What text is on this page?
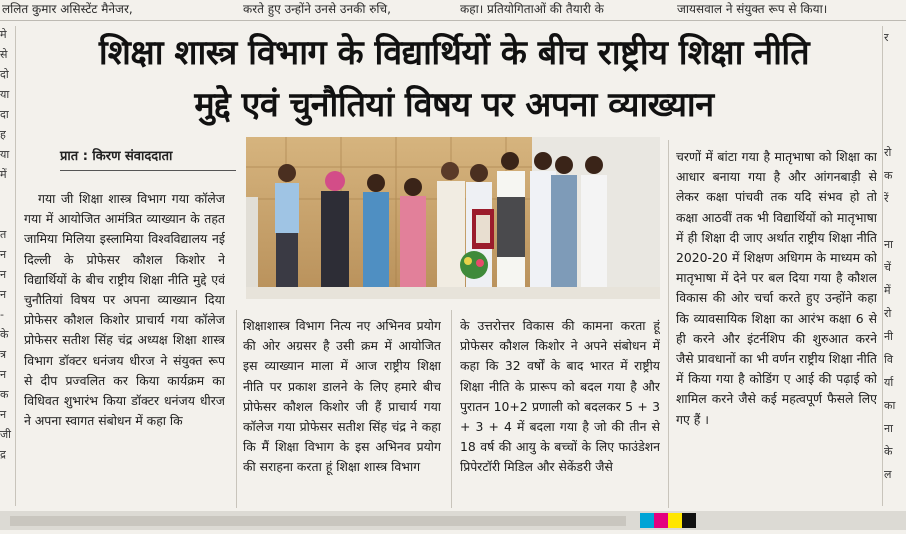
ललित कुमार असिस्टेंट मैनेजर,	करते हुए उन्होंने उनसे उनकी रुचि,	कहा। प्रतियोगिताओं की तैयारी के	जायसवाल ने संयुक्त रूप से किया।
मे
से
दो
या
दा
ह
या
में
त
न
न
न
-
के
त्र
न
क
न
जी
द्र
र
रो
क
रें
ना
चें
में
रो
नी
वि
र्या
का
ना
के
ल
शिक्षा शास्त्र विभाग के विद्यार्थियों के बीच राष्ट्रीय शिक्षा नीति
मुद्दे एवं चुनौतियां विषय पर अपना व्याख्यान
प्रात : किरण संवाददाता

गया जी शिक्षा शास्त्र विभाग गया कॉलेज गया में आयोजित आमंत्रित व्याख्यान के तहत जामिया मिलिया इस्लामिया विश्वविद्यालय नई दिल्ली के प्रोफेसर कौशल किशोर ने विद्यार्थियों के बीच राष्ट्रीय शिक्षा नीति मुद्दे एवं चुनौतियां विषय पर अपना व्याख्यान दिया प्रोफेसर कौशल किशोर प्राचार्य गया कॉलेज प्रोफेसर सतीश सिंह चंद्र अध्यक्ष शिक्षा शास्त्र विभाग डॉक्टर धनंजय धीरज ने संयुक्त रूप से दीप प्रज्वलित कर किया कार्यक्रम का विधिवत शुभारंभ किया डॉक्टर धनंजय धीरज ने अपना स्वागत संबोधन में कहा कि

शिक्षाशास्त्र विभाग नित्य नए अभिनव प्रयोग की ओर अग्रसर है उसी क्रम में आयोजित इस व्याख्यान माला में आज राष्ट्रीय शिक्षा नीति पर प्रकाश डालने के लिए हमारे बीच प्रोफेसर कौशल किशोर जी हैं प्राचार्य गया कॉलेज गया प्रोफेसर सतीश सिंह चंद्र ने कहा कि मैं शिक्षा विभाग के इस अभिनव प्रयोग की सराहना करता हूं शिक्षा शास्त्र विभाग

के उत्तरोत्तर विकास की कामना करता हूं प्रोफेसर कौशल किशोर ने अपने संबोधन में कहा कि 32 वर्षों के बाद भारत में राष्ट्रीय शिक्षा नीति के प्रारूप को बदल गया है और पुरातन 10+2 प्रणाली को बदलकर 5 + 3 + 3 + 4 में बदला गया है जो की तीन से 18 वर्ष की आयु के बच्चों के लिए फाउंडेशन प्रिपेरटॉरी मिडिल और सेकेंडरी जैसे

चरणों में बांटा गया है मातृभाषा को शिक्षा का आधार बनाया गया है और आंगनबाड़ी से लेकर कक्षा पांचवी तक यदि संभव हो तो कक्षा आठवीं तक भी विद्यार्थियों को मातृभाषा में ही शिक्षा दी जाए अर्थात राष्ट्रीय शिक्षा नीति 2020-20 में शिक्षण अधिगम के माध्यम को मातृभाषा में देने पर बल दिया गया है कौशल विकास की ओर चर्चा करते हुए उन्होंने कहा कि व्यावसायिक शिक्षा का आरंभ कक्षा 6 से ही करने और इंटर्नशिप की शुरुआत करने जैसे प्रावधानों का भी वर्णन राष्ट्रीय शिक्षा नीति में किया गया है कोडिंग ए आई की पढ़ाई को शामिल करने जैसे कई महत्वपूर्ण फैसले लिए गए हैं ।
